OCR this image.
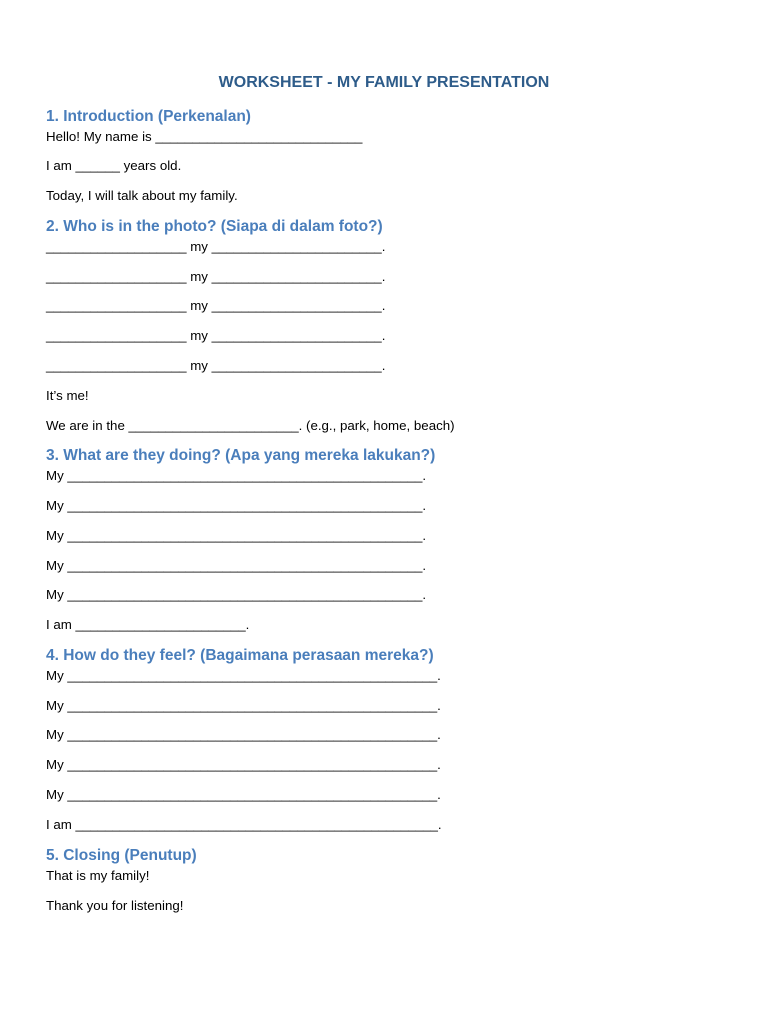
WORKSHEET - MY FAMILY PRESENTATION
1. Introduction (Perkenalan)
Hello! My name is ____________________________
I am ______ years old.
Today, I will talk about my family.
2. Who is in the photo? (Siapa di dalam foto?)
___________________ my _______________________.
___________________ my _______________________.
___________________ my _______________________.
___________________ my _______________________.
___________________ my _______________________.
It’s me!
We are in the _______________________. (e.g., park, home, beach)
3. What are they doing? (Apa yang mereka lakukan?)
My ________________________________________________.
My ________________________________________________.
My ________________________________________________.
My ________________________________________________.
My ________________________________________________.
I am _______________________.
4. How do they feel? (Bagaimana perasaan mereka?)
My __________________________________________________.
My __________________________________________________.
My __________________________________________________.
My __________________________________________________.
My __________________________________________________.
I am _________________________________________________.
5. Closing (Penutup)
That is my family!
Thank you for listening!
